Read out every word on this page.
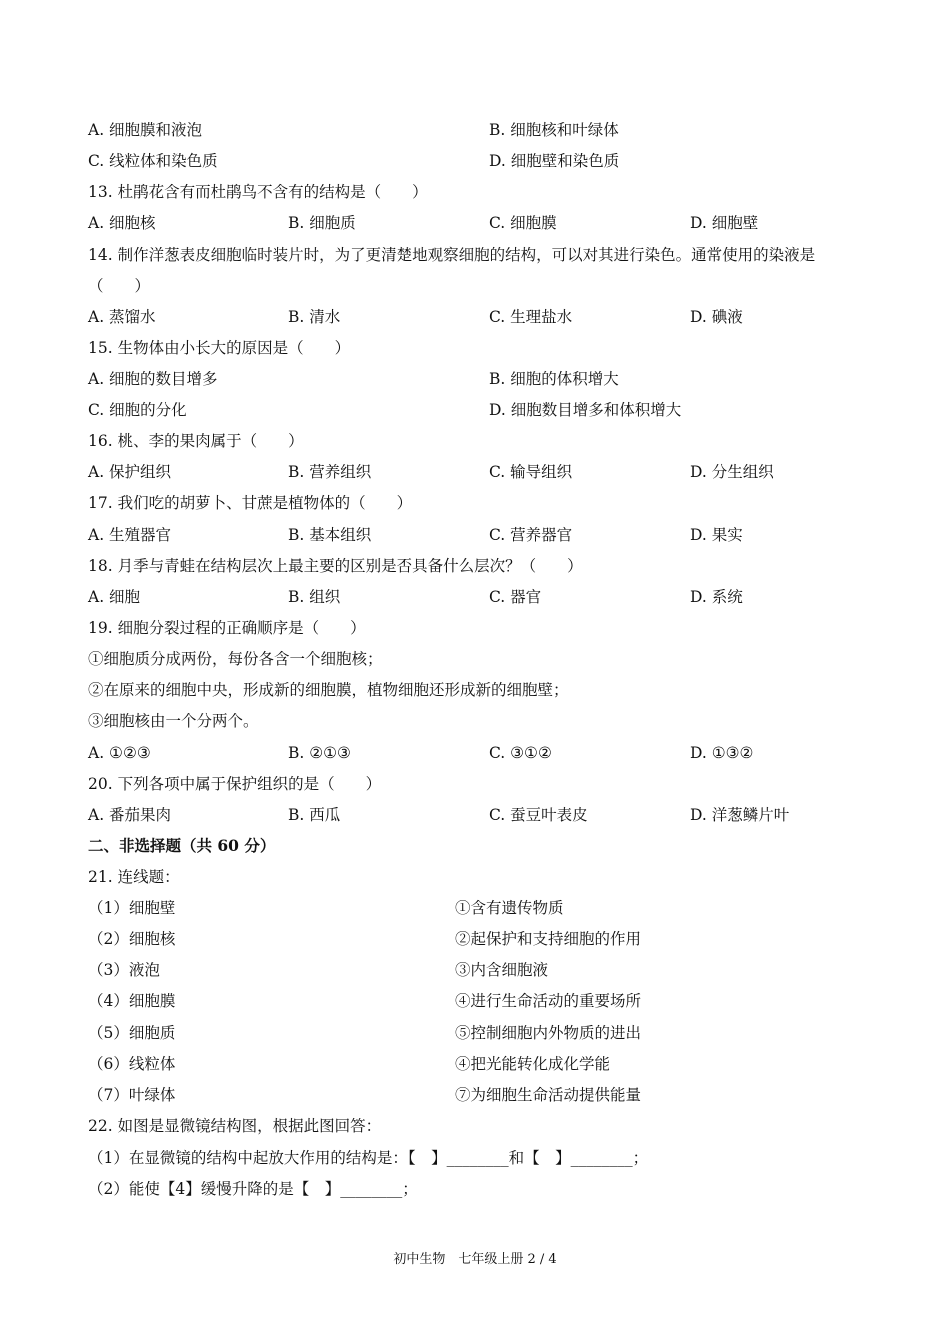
A. 细胞膜和液泡	B. 细胞核和叶绿体
C. 线粒体和染色质	D. 细胞壁和染色质
13. 杜鹃花含有而杜鹃鸟不含有的结构是（　　）
A. 细胞核	B. 细胞质	C. 细胞膜	D. 细胞壁
14. 制作洋葱表皮细胞临时装片时，为了更清楚地观察细胞的结构，可以对其进行染色。通常使用的染液是
（　　）
A. 蒸馏水	B. 清水	C. 生理盐水	D. 碘液
15. 生物体由小长大的原因是（　　）
A. 细胞的数目增多	B. 细胞的体积增大
C. 细胞的分化	D. 细胞数目增多和体积增大
16. 桃、李的果肉属于（　　）
A. 保护组织	B. 营养组织	C. 输导组织	D. 分生组织
17. 我们吃的胡萝卜、甘蔗是植物体的（　　）
A. 生殖器官	B. 基本组织	C. 营养器官	D. 果实
18. 月季与青蛙在结构层次上最主要的区别是否具备什么层次？（　　）
A. 细胞	B. 组织	C. 器官	D. 系统
19. 细胞分裂过程的正确顺序是（　　）
①细胞质分成两份，每份各含一个细胞核；
②在原来的细胞中央，形成新的细胞膜，植物细胞还形成新的细胞壁；
③细胞核由一个分两个。
A. ①②③	B. ②①③	C. ③①②	D. ①③②
20. 下列各项中属于保护组织的是（　　）
A. 番茄果肉	B. 西瓜	C. 蚕豆叶表皮	D. 洋葱鳞片叶
二、非选择题（共 60 分）
21. 连线题：
（1）细胞壁	①含有遗传物质
（2）细胞核	②起保护和支持细胞的作用
（3）液泡	③内含细胞液
（4）细胞膜	④进行生命活动的重要场所
（5）细胞质	⑤控制细胞内外物质的进出
（6）线粒体	④把光能转化成化学能
（7）叶绿体	⑦为细胞生命活动提供能量
22. 如图是显微镜结构图，根据此图回答：
（1）在显微镜的结构中起放大作用的结构是：【　】________和【　】________；
（2）能使【4】缓慢升降的是【　】________；
初中生物　七年级上册 2 / 4
